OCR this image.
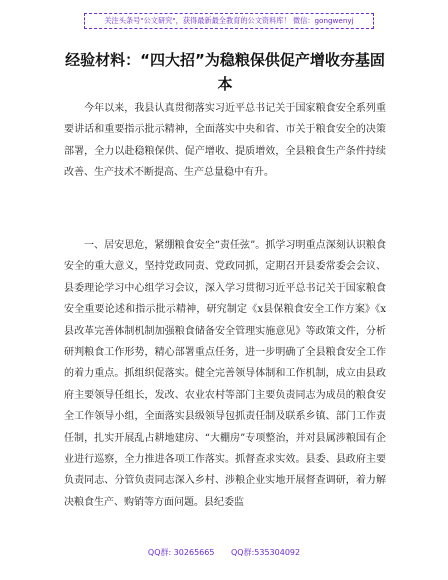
关注头条号"公文研究"，获得最新最全教育的公文资料库！ 微信：gongwenyj
经验材料：“四大招”为稳粮保供促产增收夯基固本

今年以来，我县认真贯彻落实习近平总书记关于国家粮食安全系列重要讲话和重要指示批示精神，全面落实中央和省、市关于粮食安全的决策部署，全力以赴稳粮保供、促产增收、提质增效，全县粮食生产条件持续改善、生产技术不断提高、生产总量稳中有升。

一、居安思危，紧绷粮食安全“责任弦”。抓学习明重点深刻认识粮食安全的重大意义，坚持党政同责、党政同抓，定期召开县委常委会会议、县委理论学习中心组学习会议，深入学习贯彻习近平总书记关于国家粮食安全重要论述和指示批示精神，研究制定《x县保粮食安全工作方案》《x县改革完善体制机制加强粮食储备安全管理实施意见》等政策文件，分析研判粮食工作形势，精心部署重点任务，进一步明确了全县粮食安全工作的着力重点。抓组织促落实。健全完善领导体制和工作机制，成立由县政府主要领导任组长，发改、农业农村等部门主要负责同志为成员的粮食安全工作领导小组，全面落实县级领导包抓责任制及联系乡镇、部门工作责任制，扎实开展乱占耕地建房、“大棚房”专项整治，并对县属涉粮国有企业进行巡察，全力推进各项工作落实。抓督查求实效。县委、县政府主要负责同志、分管负责同志深入乡村、涉粮企业实地开展督查调研，着力解决粮食生产、购销等方面问题。县纪委监

QQ群: 30265665 QQ群:535304092
